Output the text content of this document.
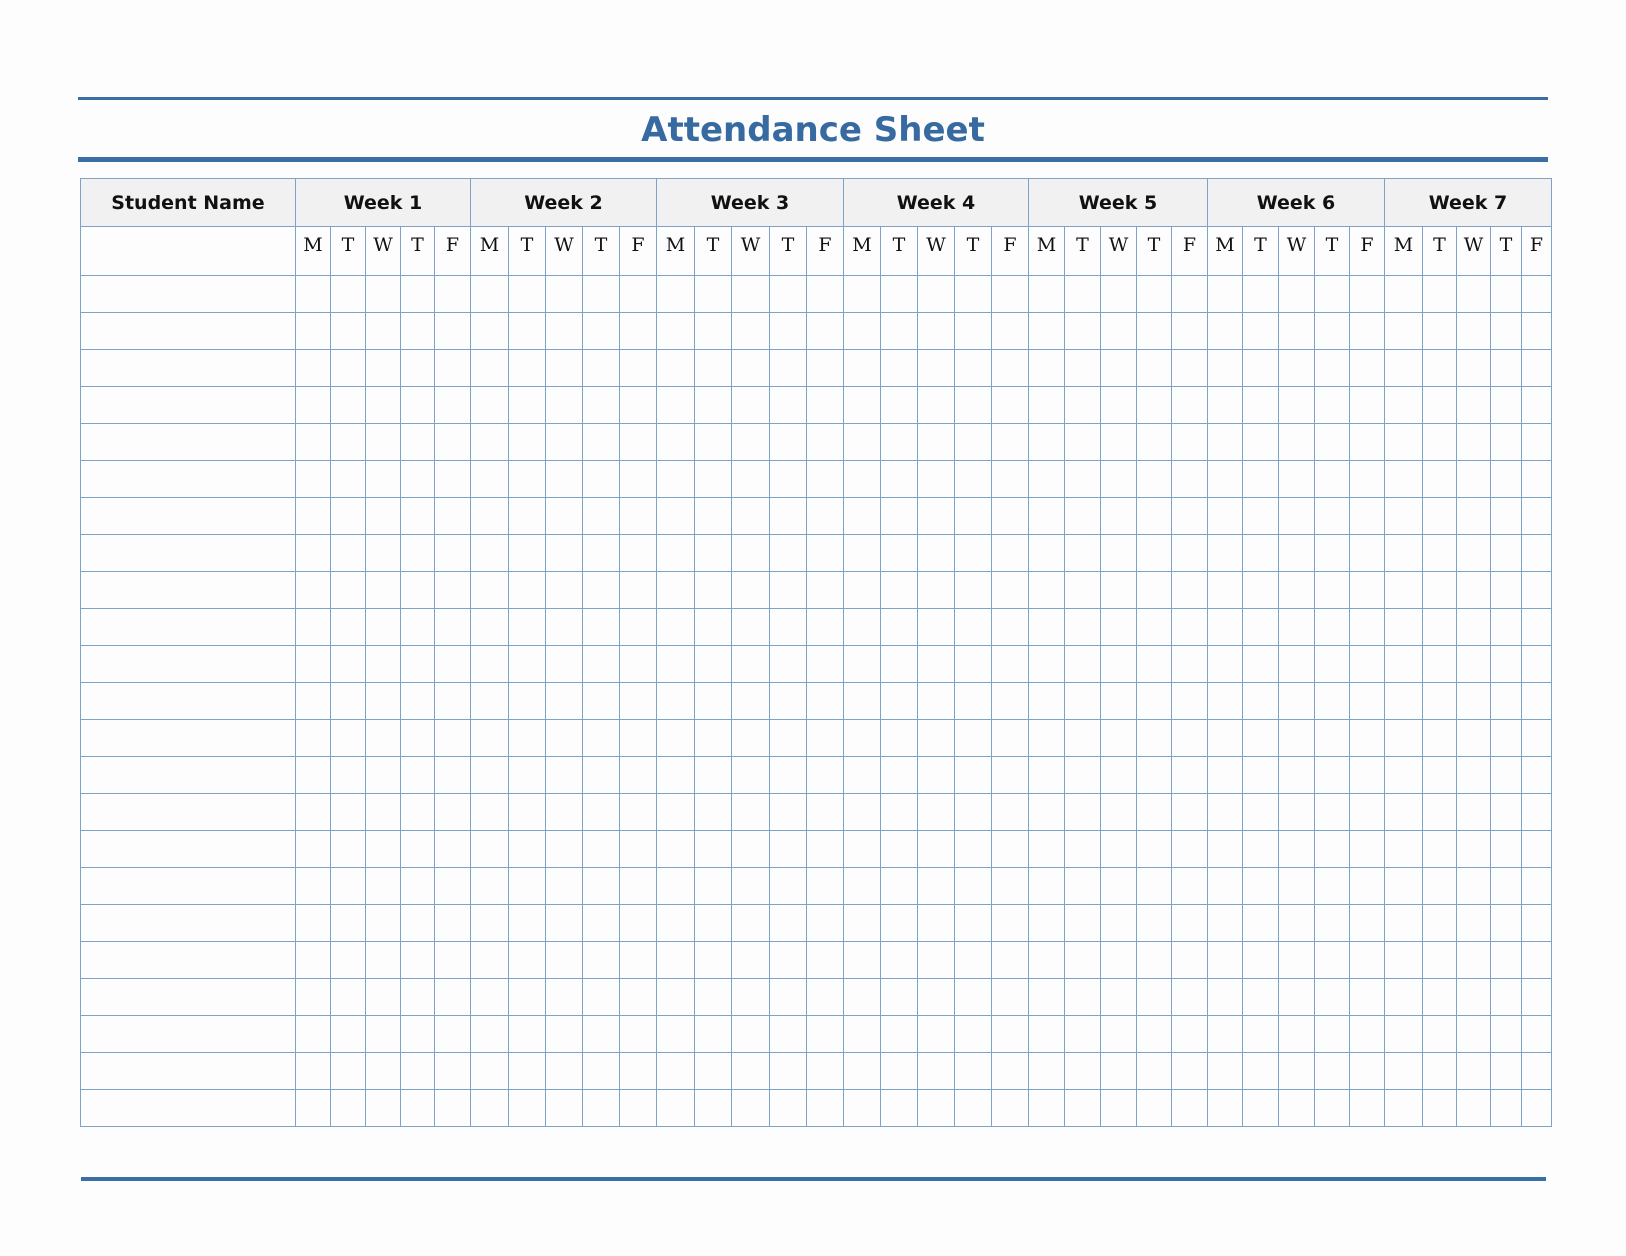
Attendance Sheet
Student Name	Week 1					Week 2					Week 3					Week 4					Week 5					Week 6					Week 7				
	M	T	W	T	F	M	T	W	T	F	M	T	W	T	F	M	T	W	T	F	M	T	W	T	F	M	T	W	T	F	M	T	W	T	F
